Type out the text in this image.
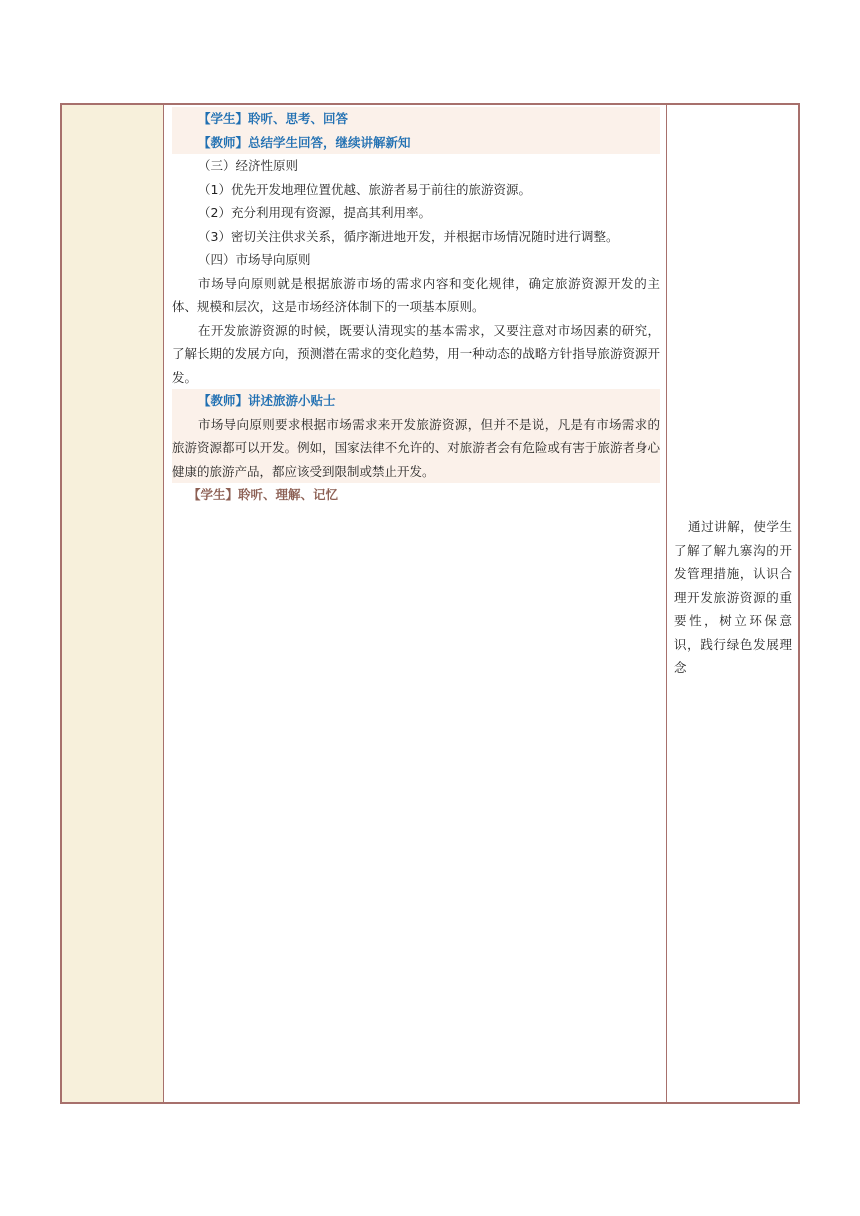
【学生】聆听、思考、回答
【教师】总结学生回答，继续讲解新知
（三）经济性原则
（1）优先开发地理位置优越、旅游者易于前往的旅游资源。
（2）充分利用现有资源，提高其利用率。
（3）密切关注供求关系，循序渐进地开发，并根据市场情况随时进行调整。
（四）市场导向原则
市场导向原则就是根据旅游市场的需求内容和变化规律，确定旅游资源开发的主体、规模和层次，这是市场经济体制下的一项基本原则。
在开发旅游资源的时候，既要认清现实的基本需求，又要注意对市场因素的研究，了解长期的发展方向，预测潜在需求的变化趋势，用一种动态的战略方针指导旅游资源开发。
【教师】讲述旅游小贴士
市场导向原则要求根据市场需求来开发旅游资源，但并不是说，凡是有市场需求的旅游资源都可以开发。例如，国家法律不允许的、对旅游者会有危险或有害于旅游者身心健康的旅游产品，都应该受到限制或禁止开发。
【学生】聆听、理解、记忆
通过讲解，使学生了解了解九寨沟的开发管理措施，认识合理开发旅游资源的重要性，树立环保意识，践行绿色发展理念
